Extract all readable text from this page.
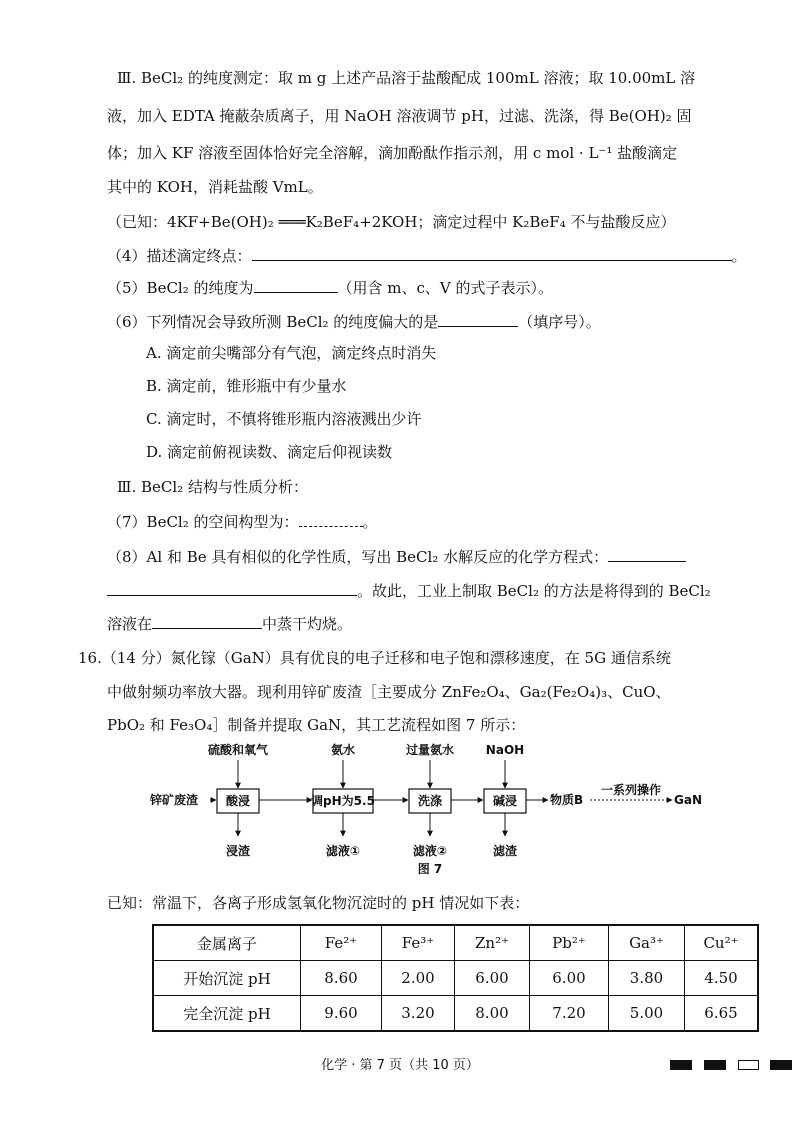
Ⅲ. BeCl₂ 的纯度测定：取 m g 上述产品溶于盐酸配成 100mL 溶液；取 10.00mL 溶
液，加入 EDTA 掩蔽杂质离子，用 NaOH 溶液调节 pH，过滤、洗涤，得 Be(OH)₂ 固
体；加入 KF 溶液至固体恰好完全溶解，滴加酚酞作指示剂，用 c mol · L⁻¹ 盐酸滴定
其中的 KOH，消耗盐酸 VmL。
（已知：4KF+Be(OH)₂ ═══K₂BeF₄+2KOH；滴定过程中 K₂BeF₄ 不与盐酸反应）
（4）描述滴定终点：	。
（5）BeCl₂ 的纯度为	（用含 m、c、V 的式子表示）。
（6）下列情况会导致所测 BeCl₂ 的纯度偏大的是	（填序号）。
A. 滴定前尖嘴部分有气泡，滴定终点时消失
B. 滴定前，锥形瓶中有少量水
C. 滴定时，不慎将锥形瓶内溶液溅出少许
D. 滴定前俯视读数、滴定后仰视读数
Ⅲ. BeCl₂ 结构与性质分析：
（7）BeCl₂ 的空间构型为：	。
（8）Al 和 Be 具有相似的化学性质，写出 BeCl₂ 水解反应的化学方程式：
。故此，工业上制取 BeCl₂ 的方法是将得到的 BeCl₂
溶液在	中蒸干灼烧。
16.（14 分）氮化镓（GaN）具有优良的电子迁移和电子饱和漂移速度，在 5G 通信系统
中做射频功率放大器。现利用锌矿废渣［主要成分 ZnFe₂O₄、Ga₂(Fe₂O₄)₃、CuO、
PbO₂ 和 Fe₃O₄］制备并提取 GaN，其工艺流程如图 7 所示：
硫酸和氧气	氨水	过量氨水	NaOH
锌矿废渣 酸浸	调pH为5.5	洗涤	碱浸	物质B
一系列操作
GaN
浸渣	滤液①	滤液②	滤渣
图 7
已知：常温下，各离子形成氢氧化物沉淀时的 pH 情况如下表：
金属离子	Fe²⁺	Fe³⁺	Zn²⁺	Pb²⁺	Ga³⁺	Cu²⁺
开始沉淀 pH	8.60	2.00	6.00	6.00	3.80	4.50
完全沉淀 pH	9.60	3.20	8.00	7.20	5.00	6.65
化学 · 第 7 页（共 10 页）
